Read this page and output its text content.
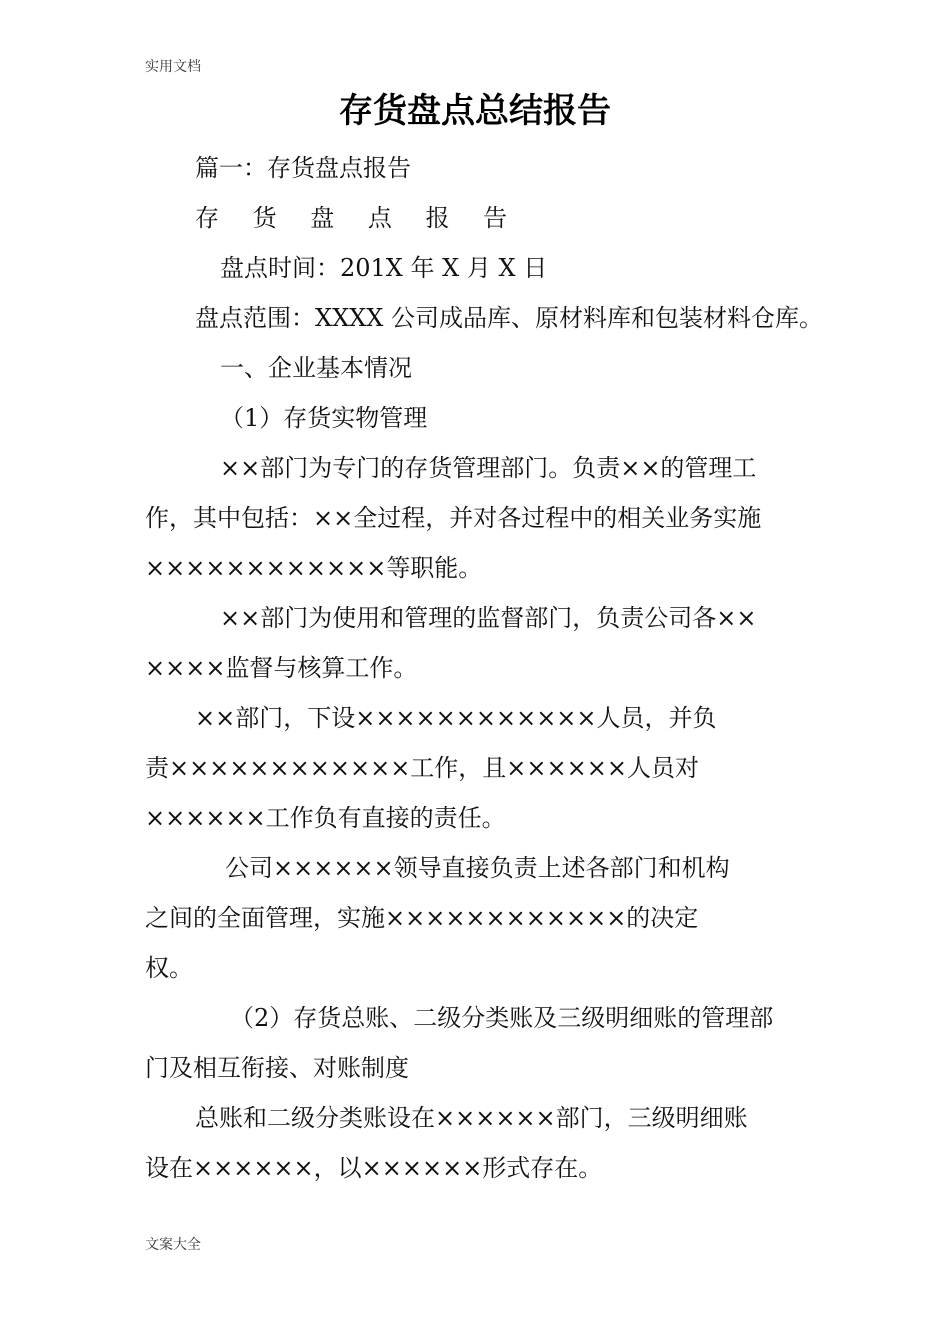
实用文档
存货盘点总结报告
篇一：存货盘点报告
存 货 盘 点 报 告
盘点时间：201X 年 X 月 X 日
盘点范围：XXXX 公司成品库、原材料库和包装材料仓库。
一、企业基本情况
（1）存货实物管理
××部门为专门的存货管理部门。负责××的管理工
作，其中包括：××全过程，并对各过程中的相关业务实施
××××××××××××等职能。
××部门为使用和管理的监督部门，负责公司各××
××××监督与核算工作。
××部门，下设××××××××××××人员，并负
责××××××××××××工作，且××××××人员对
××××××工作负有直接的责任。
公司××××××领导直接负责上述各部门和机构
之间的全面管理，实施××××××××××××的决定
权。
（2）存货总账、二级分类账及三级明细账的管理部
门及相互衔接、对账制度
总账和二级分类账设在××××××部门，三级明细账
设在××××××，以××××××形式存在。
文案大全
